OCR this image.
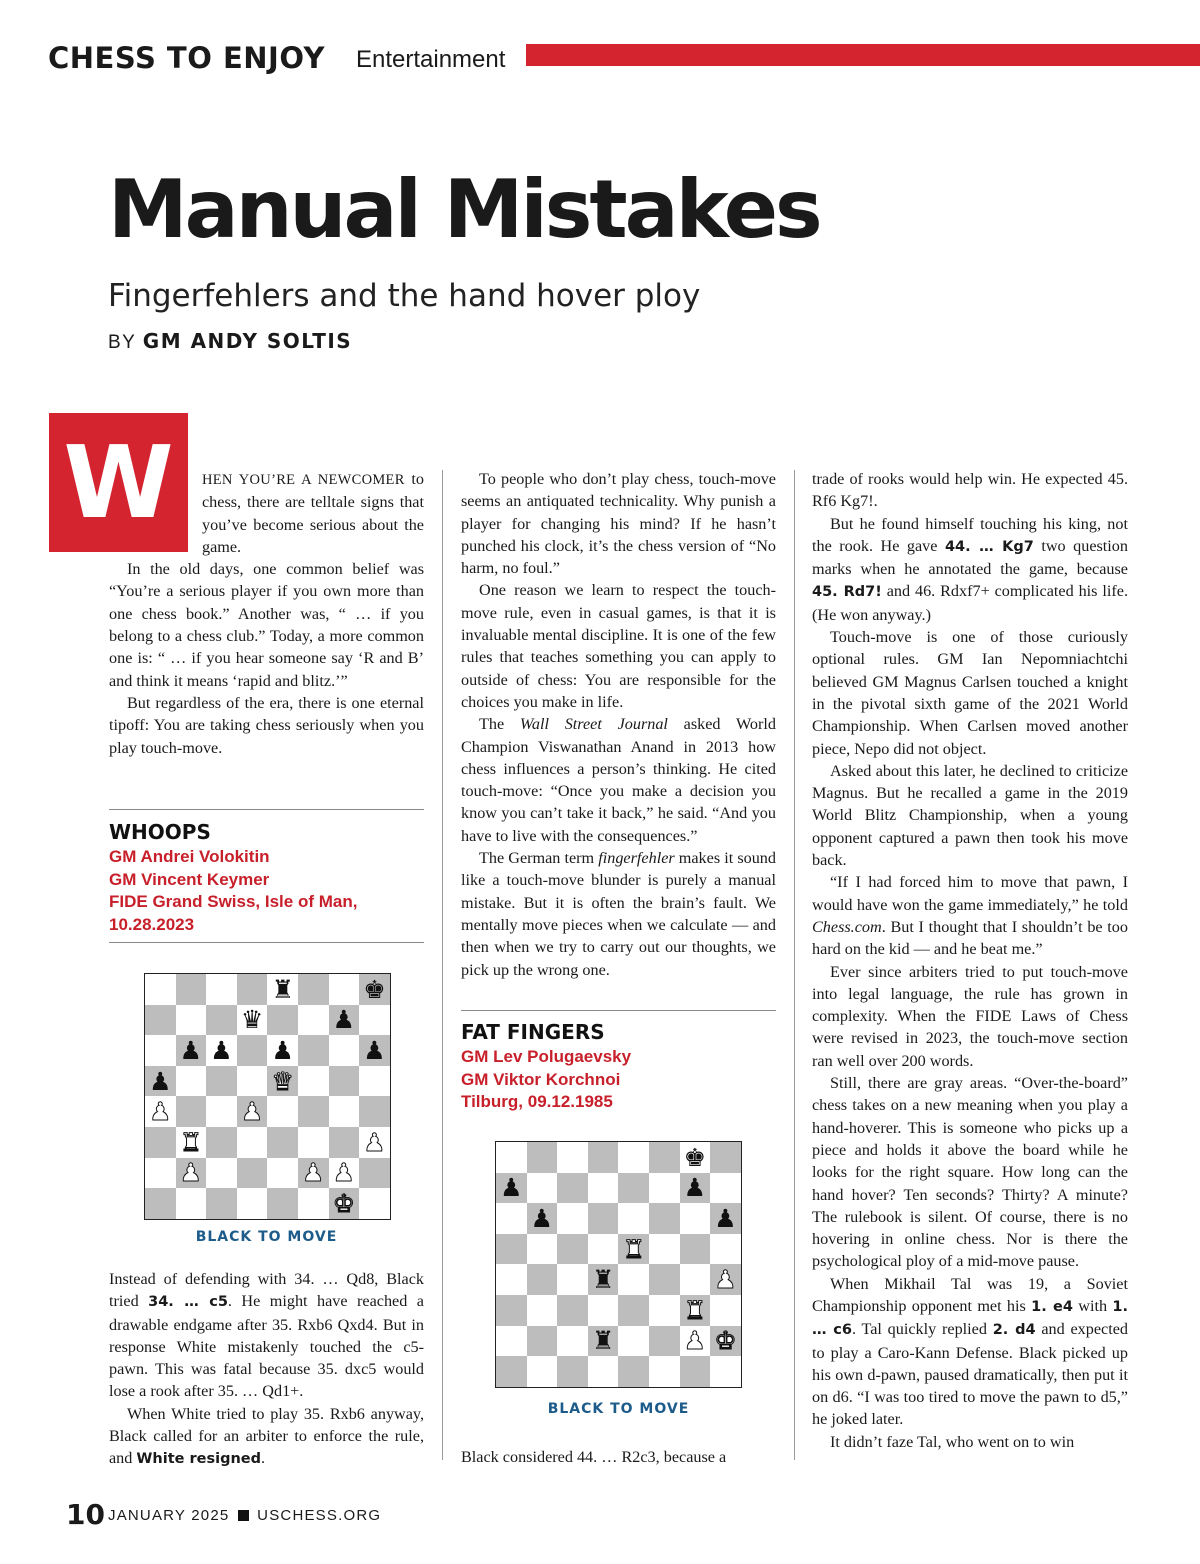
CHESS TO ENJOY Entertainment
Manual Mistakes
Fingerfehlers and the hand hover ploy
BY GM ANDY SOLTIS
W	HEN YOU’RE A NEWCOMER to chess, there are telltale signs that you’ve become serious about the game.

In the old days, one common belief was “You’re a serious player if you own more than one chess book.” Another was, “ … if you belong to a chess club.” Today, a more common one is: “ … if you hear someone say ‘R and B’ and think it means ‘rapid and blitz.’”

But regardless of the era, there is one eternal tipoff: You are taking chess seriously when you play touch-move.

WHOOPS
GM Andrei Volokitin
GM Vincent Keymer
FIDE Grand Swiss, Isle of Man,
10.28.2023
♜	♚
♛	♟
♟ ♟ ♟	♟
♟	♛
♟	♟
♜	♟
♟	♟ ♟
♚
BLACK TO MOVE

Instead of defending with 34. … Qd8, Black tried 34. … c5. He might have reached a drawable endgame after 35. Rxb6 Qxd4. But in response White mistakenly touched the c5-pawn. This was fatal because 35. dxc5 would lose a rook after 35. … Qd1+.

When White tried to play 35. Rxb6 anyway, Black called for an arbiter to enforce the rule, and White resigned.

To people who don’t play chess, touch-move seems an antiquated technicality. Why punish a player for changing his mind? If he hasn’t punched his clock, it’s the chess version of “No harm, no foul.”

One reason we learn to respect the touch-move rule, even in casual games, is that it is invaluable mental discipline. It is one of the few rules that teaches something you can apply to outside of chess: You are responsible for the choices you make in life.

The Wall Street Journal asked World Champion Viswanathan Anand in 2013 how chess influences a person’s thinking. He cited touch-move: “Once you make a decision you know you can’t take it back,” he said. “And you have to live with the consequences.”

The German term fingerfehler makes it sound like a touch-move blunder is purely a manual mistake. But it is often the brain’s fault. We mentally move pieces when we calculate — and then when we try to carry out our thoughts, we pick up the wrong one.

FAT FINGERS
GM Lev Polugaevsky
GM Viktor Korchnoi
Tilburg, 09.12.1985
♚
♟	♟
♟	♟
♜
♜	♟
♜
♜	♟ ♚
BLACK TO MOVE

Black considered 44. … R2c3, because a

trade of rooks would help win. He expected 45. Rf6 Kg7!.

But he found himself touching his king, not the rook. He gave 44. … Kg7 two question marks when he annotated the game, because 45. Rd7! and 46. Rdxf7+ complicated his life. (He won anyway.)

Touch-move is one of those curiously optional rules. GM Ian Nepomniachtchi believed GM Magnus Carlsen touched a knight in the pivotal sixth game of the 2021 World Championship. When Carlsen moved another piece, Nepo did not object.

Asked about this later, he declined to criticize Magnus. But he recalled a game in the 2019 World Blitz Championship, when a young opponent captured a pawn then took his move back.

“If I had forced him to move that pawn, I would have won the game immediately,” he told Chess.com. But I thought that I shouldn’t be too hard on the kid — and he beat me.”

Ever since arbiters tried to put touch-move into legal language, the rule has grown in complexity. When the FIDE Laws of Chess were revised in 2023, the touch-move section ran well over 200 words.

Still, there are gray areas. “Over-the-board” chess takes on a new meaning when you play a hand-hoverer. This is someone who picks up a piece and holds it above the board while he looks for the right square. How long can the hand hover? Ten seconds? Thirty? A minute? The rulebook is silent. Of course, there is no hovering in online chess. Nor is there the psychological ploy of a mid-move pause.

When Mikhail Tal was 19, a Soviet Championship opponent met his 1. e4 with 1. … c6. Tal quickly replied 2. d4 and expected to play a Caro-Kann Defense. Black picked up his own d-pawn, paused dramatically, then put it on d6. “I was too tired to move the pawn to d5,” he joked later.

It didn’t faze Tal, who went on to win

10 JANUARY 2025 USCHESS.ORG
